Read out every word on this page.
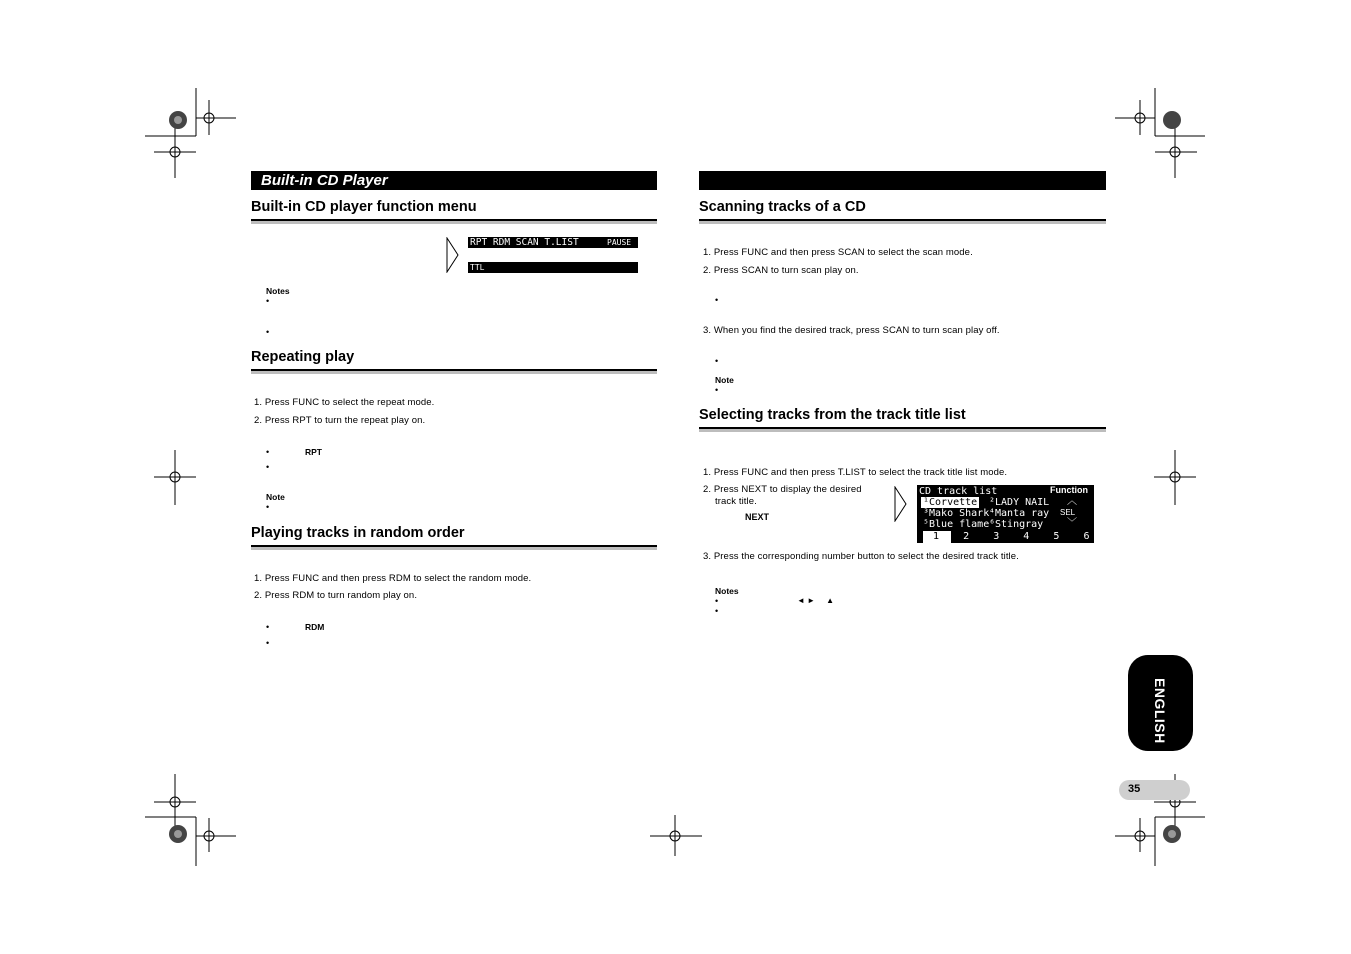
Built-in CD Player
Built-in CD player function menu
RPT RDM SCAN T.LIST	PAUSE
TTL
Notes
•
•
Repeating play
1. Press FUNC to select the repeat mode.
2. Press RPT to turn the repeat play on.
•	RPT
•
Note
•
Playing tracks in random order
1. Press FUNC and then press RDM to select the random mode.
2. Press RDM to turn random play on.
•	RDM
•
Scanning tracks of a CD
1. Press FUNC and then press SCAN to select the scan mode.
2. Press SCAN to turn scan play on.
•
3. When you find the desired track, press SCAN to turn scan play off.
•
Note
•
Selecting tracks from the track title list
1. Press FUNC and then press T.LIST to select the track title list mode.
2. Press NEXT to display the desired
track title.
NEXT
CD track list	Function
¹Corvette ²LADY NAIL
³Mako Shark ⁴Manta ray
⁵Blue flame ⁶Stingray
︿
SEL
﹀
1    2    3    4    5    6
3. Press the corresponding number button to select the desired track title.
Notes
•	◄ ►     ▲
•
ENGLISH
35
